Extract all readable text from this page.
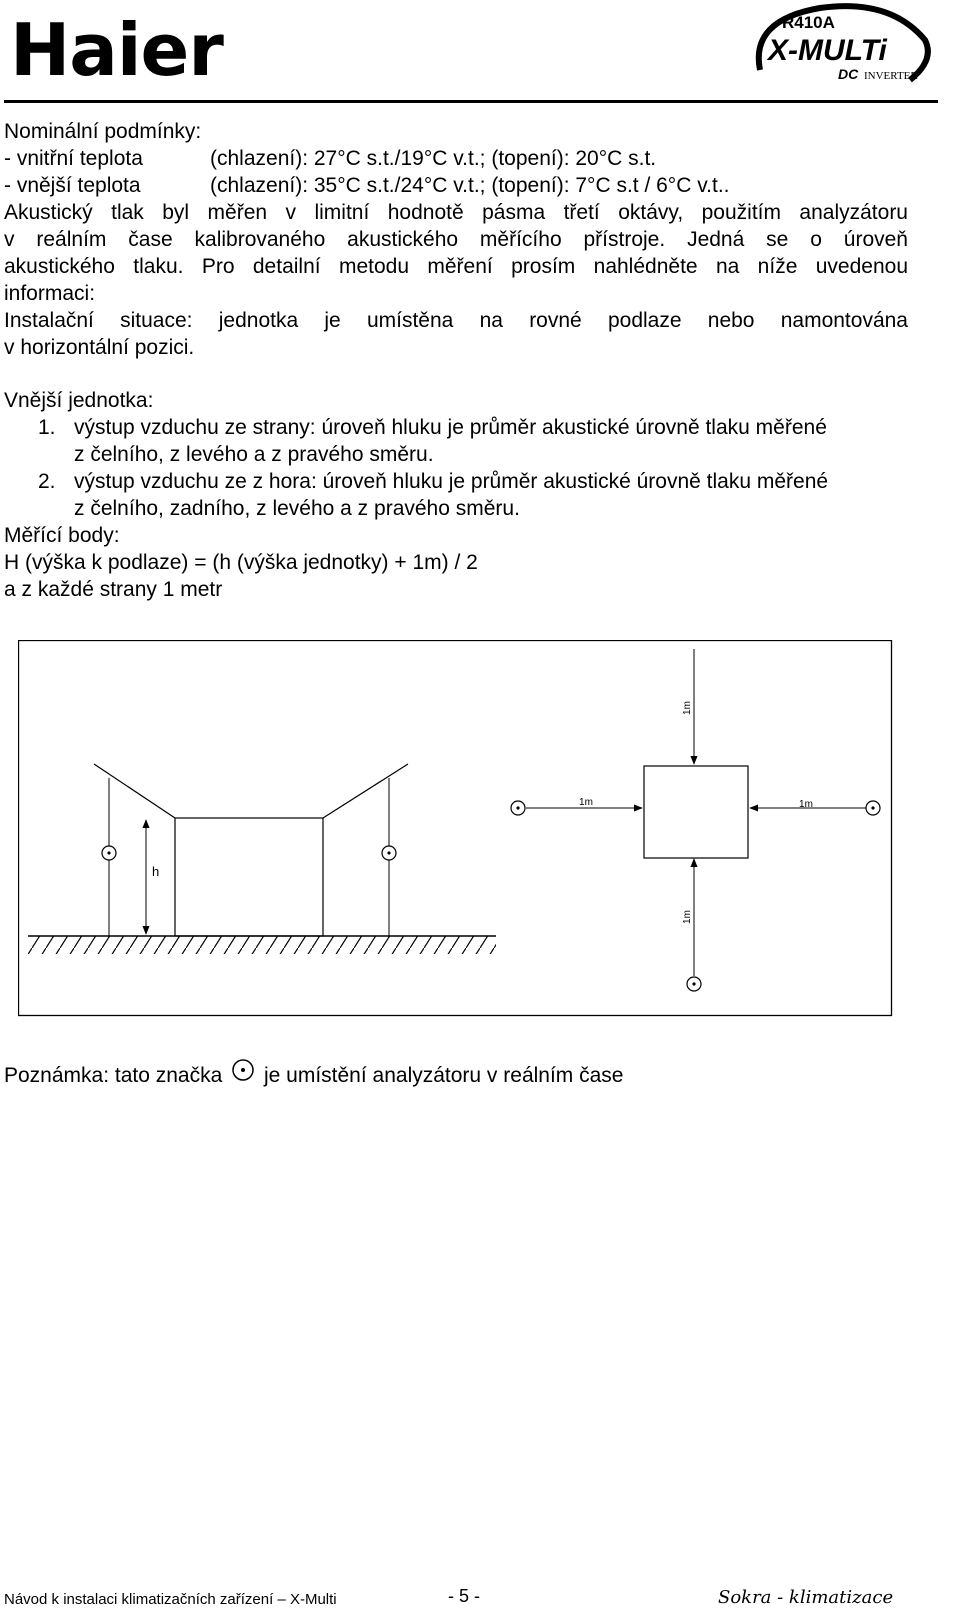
Haier	R410A
X-MULTi
DC INVERTER
Nominální podmínky:
- vnitřní teplota	(chlazení): 27°C s.t./19°C v.t.; (topení): 20°C s.t.
- vnější teplota	(chlazení): 35°C s.t./24°C v.t.; (topení): 7°C s.t / 6°C v.t..
Akustický tlak byl měřen v limitní hodnotě pásma třetí oktávy, použitím analyzátoru
v reálním čase kalibrovaného akustického měřícího přístroje. Jedná se o úroveň
akustického tlaku. Pro detailní metodu měření prosím nahlédněte na níže uvedenou
informaci:
Instalační situace: jednotka je umístěna na rovné podlaze nebo namontována
v horizontální pozici.
Vnější jednotka:
1. výstup vzduchu ze strany: úroveň hluku je průměr akustické úrovně tlaku měřené
z čelního, z levého a z pravého směru.
2. výstup vzduchu ze z hora: úroveň hluku je průměr akustické úrovně tlaku měřené
z čelního, zadního, z levého a z pravého směru.
Měřící body:
H (výška k podlaze) = (h (výška jednotky) + 1m) / 2
a z každé strany 1 metr
h
1m
1m
1m	1m
Poznámka: tato značka je umístění analyzátoru v reálním čase
Návod k instalaci klimatizačních zařízení – X-Multi	- 5 -	Sokra - klimatizace
